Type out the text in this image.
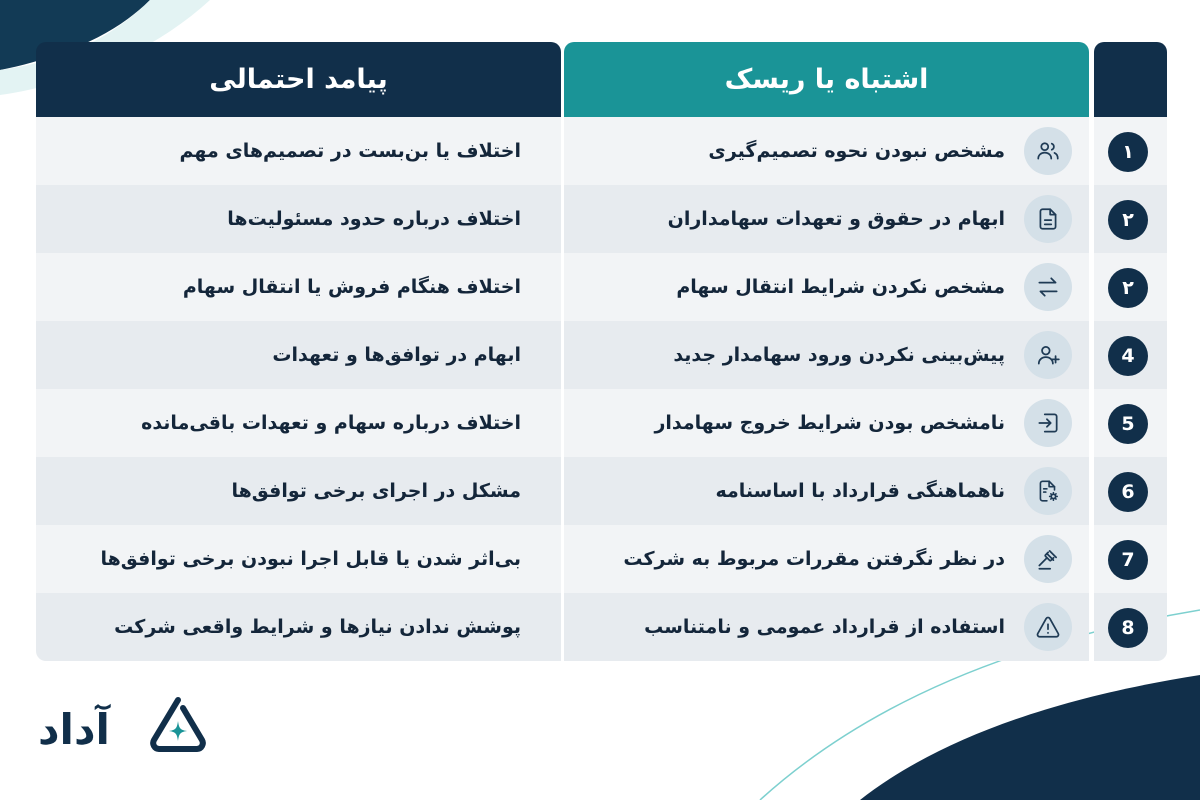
پیامد احتمالی	اشتباه یا ریسک
اختلاف یا بن‌بست در تصمیم‌های مهم	مشخص نبودن نحوه تصمیم‌گیری	۱
اختلاف درباره حدود مسئولیت‌ها	ابهام در حقوق و تعهدات سهامداران	۲
اختلاف هنگام فروش یا انتقال سهام	مشخص نکردن شرایط انتقال سهام	۲
ابهام در توافق‌ها و تعهدات	پیش‌بینی نکردن ورود سهامدار جدید	4
اختلاف درباره سهام و تعهدات باقی‌مانده	نامشخص بودن شرایط خروج سهامدار	5
مشکل در اجرای برخی توافق‌ها	ناهماهنگی قرارداد با اساسنامه	6
بی‌اثر شدن یا قابل اجرا نبودن برخی توافق‌ها	در نظر نگرفتن مقررات مربوط به شرکت	7
پوشش ندادن نیازها و شرایط واقعی شرکت	استفاده از قرارداد عمومی و نامتناسب	8
آداد
